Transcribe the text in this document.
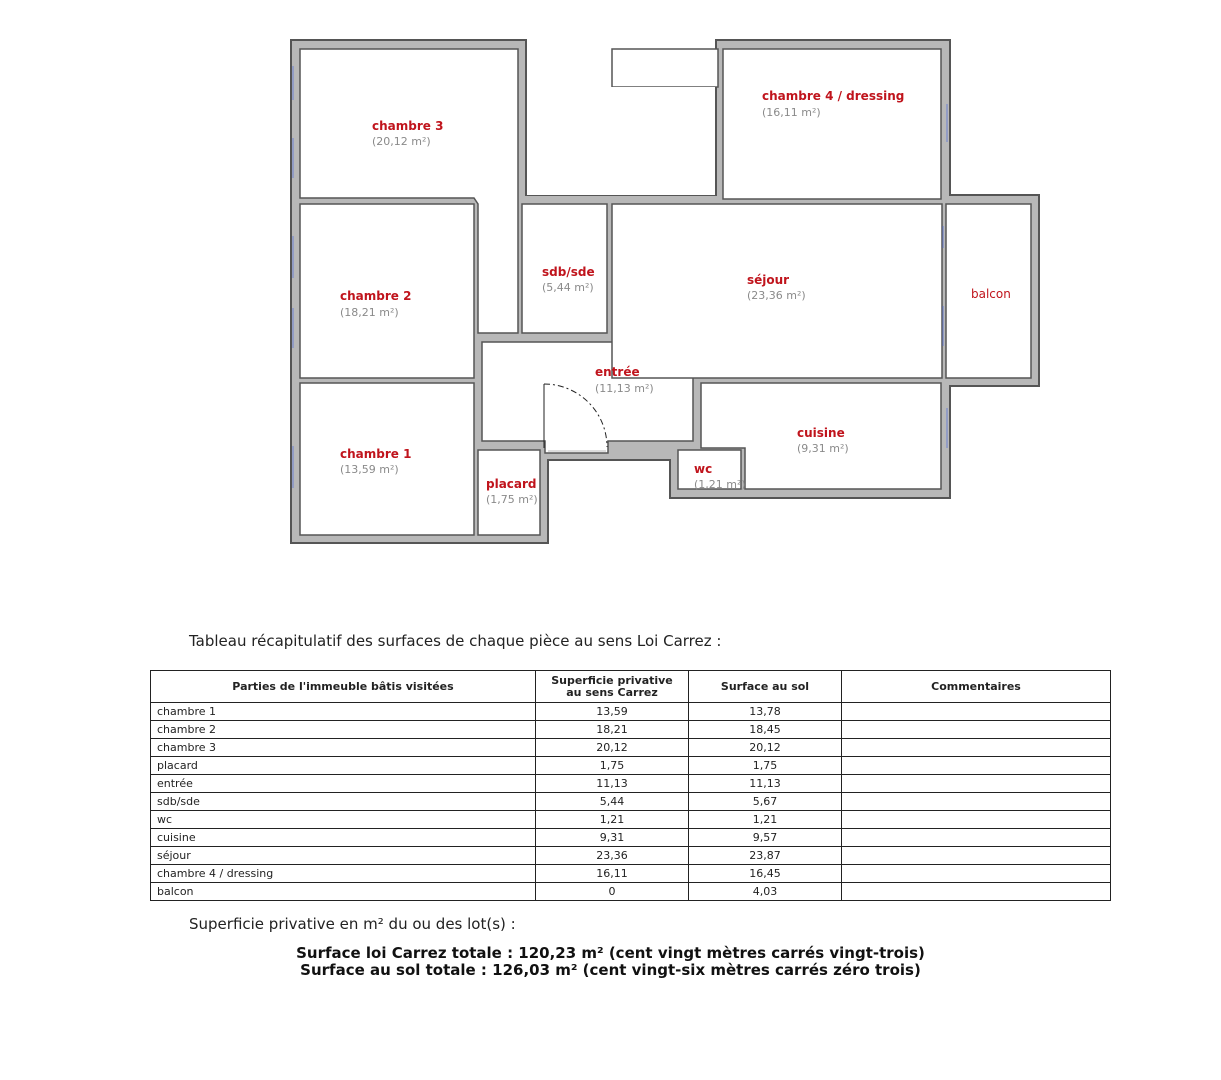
chambre 3
(20,12 m²)
chambre 2
(18,21 m²)
chambre 1
(13,59 m²)
placard
(1,75 m²)
entrée
(11,13 m²)
sdb/sde
(5,44 m²)
séjour
(23,36 m²)
chambre 4 / dressing
(16,11 m²)
balcon
cuisine
(9,31 m²)
wc
(1,21 m²)
Tableau récapitulatif des surfaces de chaque pièce au sens Loi Carrez :
Parties de l'immeuble bâtis visitées	Superficie privative au sens Carrez	Surface au sol	Commentaires
chambre 1	13,59	13,78	
chambre 2	18,21	18,45	
chambre 3	20,12	20,12	
placard	1,75	1,75	
entrée	11,13	11,13	
sdb/sde	5,44	5,67	
wc	1,21	1,21	
cuisine	9,31	9,57	
séjour	23,36	23,87	
chambre 4 / dressing	16,11	16,45	
balcon	0	4,03	
Superficie privative en m² du ou des lot(s) :
Surface loi Carrez totale : 120,23 m² (cent vingt mètres carrés vingt-trois)
Surface au sol totale : 126,03 m² (cent vingt-six mètres carrés zéro trois)
